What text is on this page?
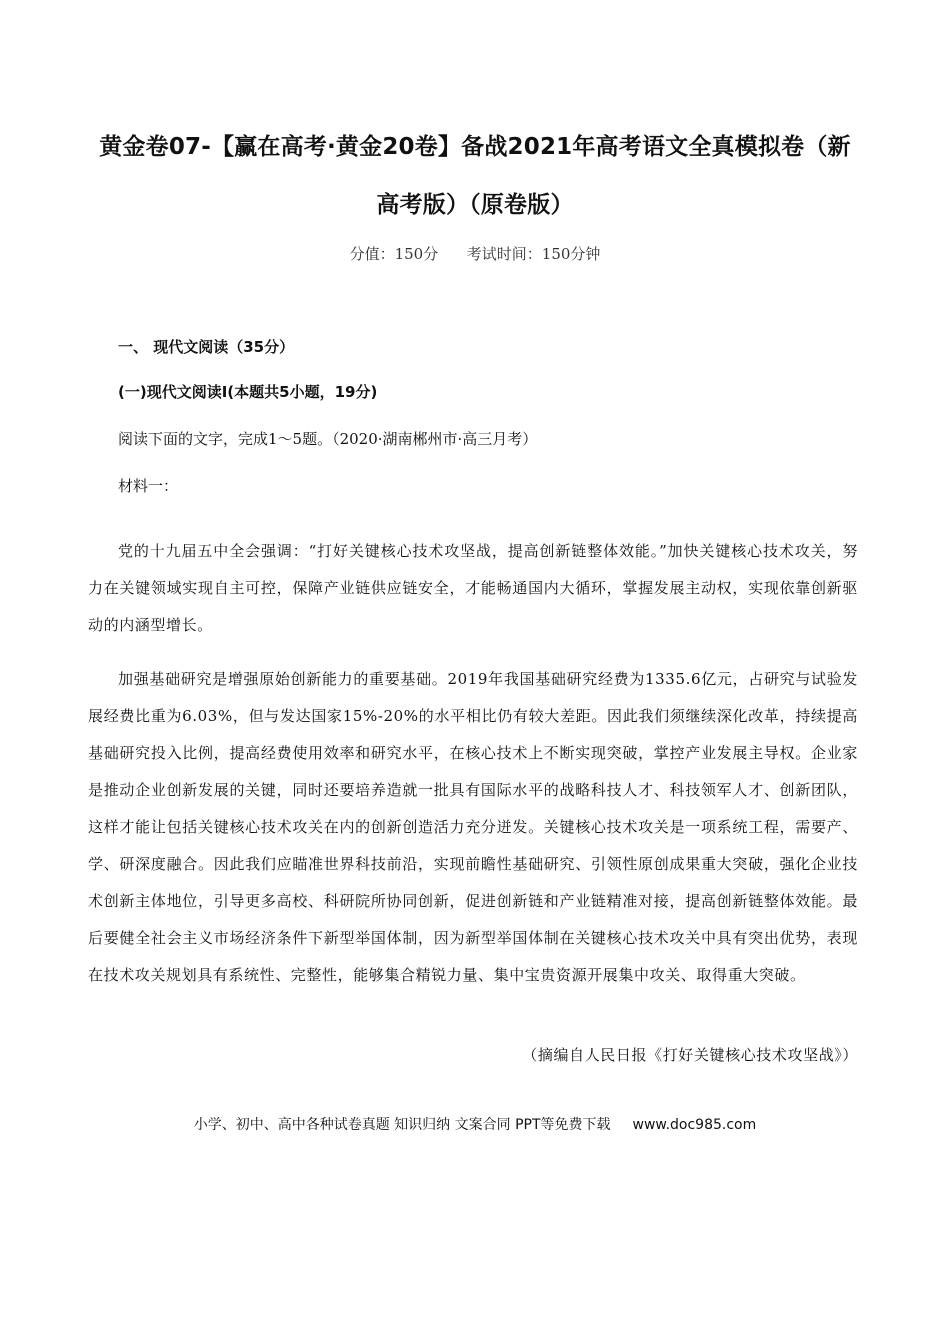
黄金卷07-【赢在高考·黄金20卷】备战2021年高考语文全真模拟卷（新高考版）（原卷版）
分值：150分      考试时间：150分钟
一、 现代文阅读（35分）
(一)现代文阅读Ⅰ(本题共5小题，19分)
阅读下面的文字，完成1～5题。（2020·湖南郴州市·高三月考）
材料一：

党的十九届五中全会强调：“打好关键核心技术攻坚战，提高创新链整体效能。”加快关键核心技术攻关，努力在关键领域实现自主可控，保障产业链供应链安全，才能畅通国内大循环，掌握发展主动权，实现依靠创新驱动的内涵型增长。

加强基础研究是增强原始创新能力的重要基础。2019年我国基础研究经费为1335.6亿元，占研究与试验发展经费比重为6.03%，但与发达国家15%-20%的水平相比仍有较大差距。因此我们须继续深化改革，持续提高基础研究投入比例，提高经费使用效率和研究水平，在核心技术上不断实现突破，掌控产业发展主导权。企业家是推动企业创新发展的关键，同时还要培养造就一批具有国际水平的战略科技人才、科技领军人才、创新团队，这样才能让包括关键核心技术攻关在内的创新创造活力充分迸发。关键核心技术攻关是一项系统工程，需要产、学、研深度融合。因此我们应瞄准世界科技前沿，实现前瞻性基础研究、引领性原创成果重大突破，强化企业技术创新主体地位，引导更多高校、科研院所协同创新，促进创新链和产业链精准对接，提高创新链整体效能。最后要健全社会主义市场经济条件下新型举国体制，因为新型举国体制在关键核心技术攻关中具有突出优势，表现在技术攻关规划具有系统性、完整性，能够集合精锐力量、集中宝贵资源开展集中攻关、取得重大突破。

（摘编自人民日报《打好关键核心技术攻坚战》）
小学、初中、高中各种试卷真题 知识归纳 文案合同 PPT等免费下载 www.doc985.com
